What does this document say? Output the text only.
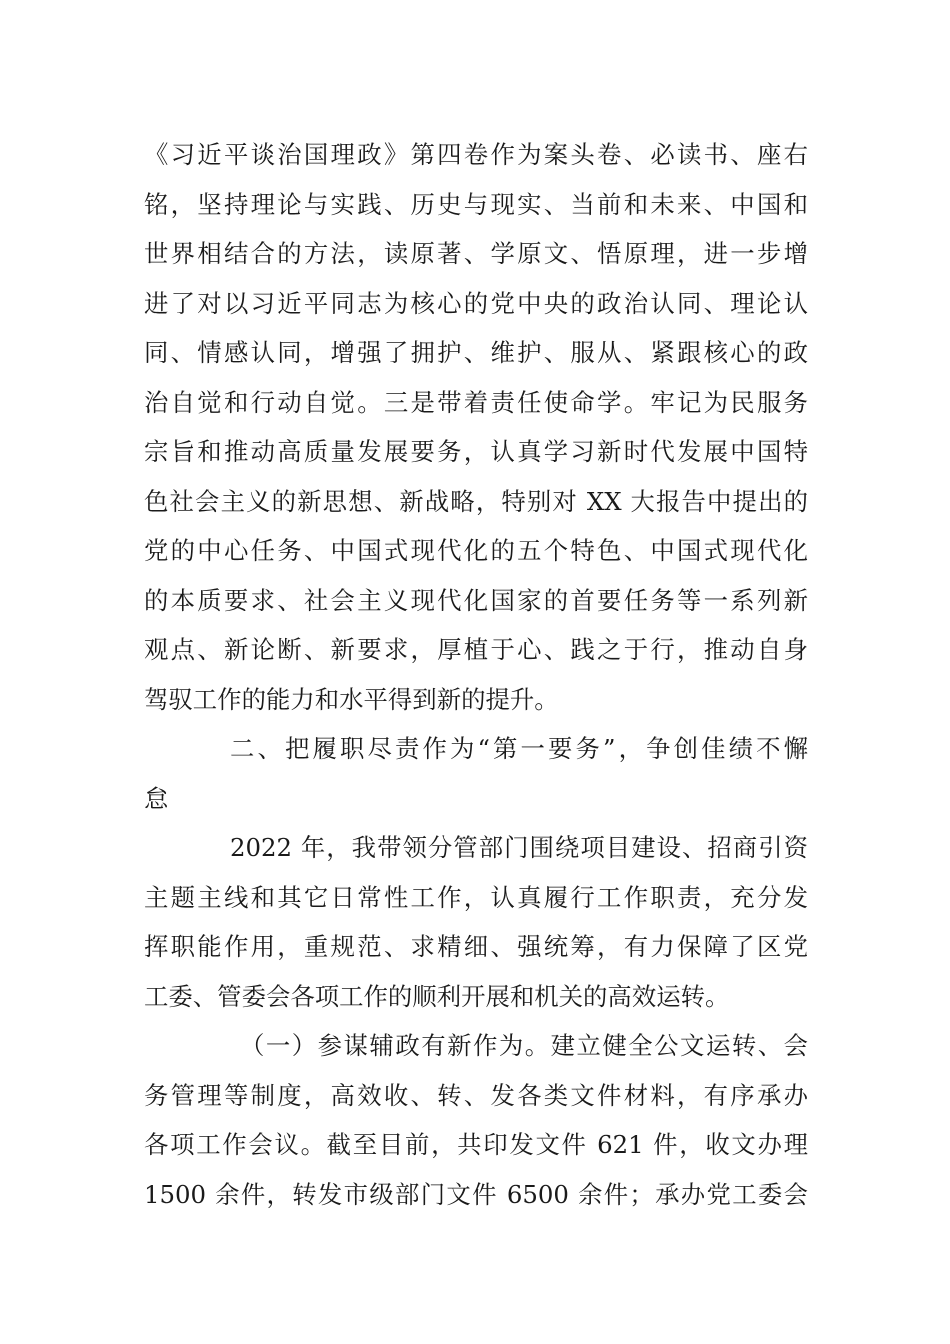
《习近平谈治国理政》第四卷作为案头卷、必读书、座右
铭，坚持理论与实践、历史与现实、当前和未来、中国和
世界相结合的方法，读原著、学原文、悟原理，进一步增
进了对以习近平同志为核心的党中央的政治认同、理论认
同、情感认同，增强了拥护、维护、服从、紧跟核心的政
治自觉和行动自觉。三是带着责任使命学。牢记为民服务
宗旨和推动高质量发展要务，认真学习新时代发展中国特
色社会主义的新思想、新战略，特别对 XX 大报告中提出的
党的中心任务、中国式现代化的五个特色、中国式现代化
的本质要求、社会主义现代化国家的首要任务等一系列新
观点、新论断、新要求，厚植于心、践之于行，推动自身
驾驭工作的能力和水平得到新的提升。
二、把履职尽责作为“第一要务”，争创佳绩不懈
怠
2022 年，我带领分管部门围绕项目建设、招商引资
主题主线和其它日常性工作，认真履行工作职责，充分发
挥职能作用，重规范、求精细、强统筹，有力保障了区党
工委、管委会各项工作的顺利开展和机关的高效运转。
（一）参谋辅政有新作为。建立健全公文运转、会
务管理等制度，高效收、转、发各类文件材料，有序承办
各项工作会议。截至目前，共印发文件 621 件，收文办理
1500 余件，转发市级部门文件 6500 余件；承办党工委会
